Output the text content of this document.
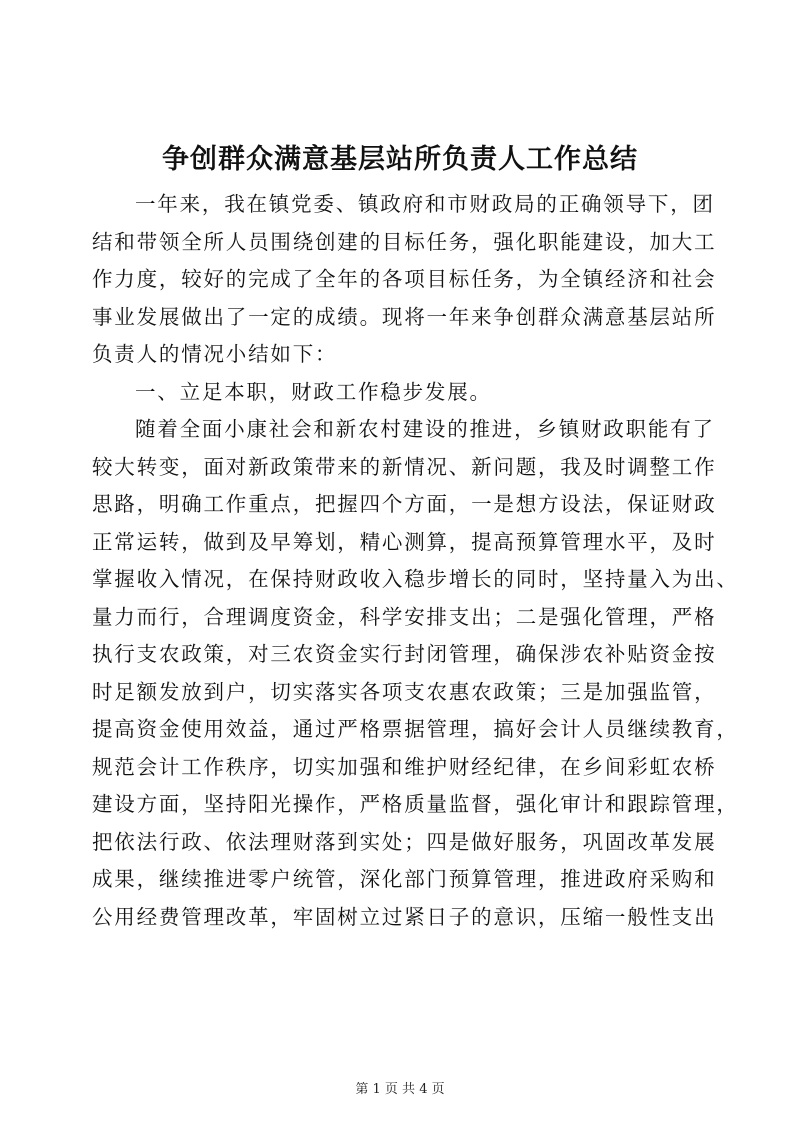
争创群众满意基层站所负责人工作总结
一年来，我在镇党委、镇政府和市财政局的正确领导下，团
结和带领全所人员围绕创建的目标任务，强化职能建设，加大工
作力度，较好的完成了全年的各项目标任务，为全镇经济和社会
事业发展做出了一定的成绩。现将一年来争创群众满意基层站所
负责人的情况小结如下：
一、立足本职，财政工作稳步发展。
随着全面小康社会和新农村建设的推进，乡镇财政职能有了
较大转变，面对新政策带来的新情况、新问题，我及时调整工作
思路，明确工作重点，把握四个方面，一是想方设法，保证财政
正常运转，做到及早筹划，精心测算，提高预算管理水平，及时
掌握收入情况，在保持财政收入稳步增长的同时，坚持量入为出、
量力而行，合理调度资金，科学安排支出；二是强化管理，严格
执行支农政策，对三农资金实行封闭管理，确保涉农补贴资金按
时足额发放到户，切实落实各项支农惠农政策；三是加强监管，
提高资金使用效益，通过严格票据管理，搞好会计人员继续教育，
规范会计工作秩序，切实加强和维护财经纪律，在乡间彩虹农桥
建设方面，坚持阳光操作，严格质量监督，强化审计和跟踪管理，
把依法行政、依法理财落到实处；四是做好服务，巩固改革发展
成果，继续推进零户统管，深化部门预算管理，推进政府采购和
公用经费管理改革，牢固树立过紧日子的意识，压缩一般性支出
第 1 页 共 4 页
